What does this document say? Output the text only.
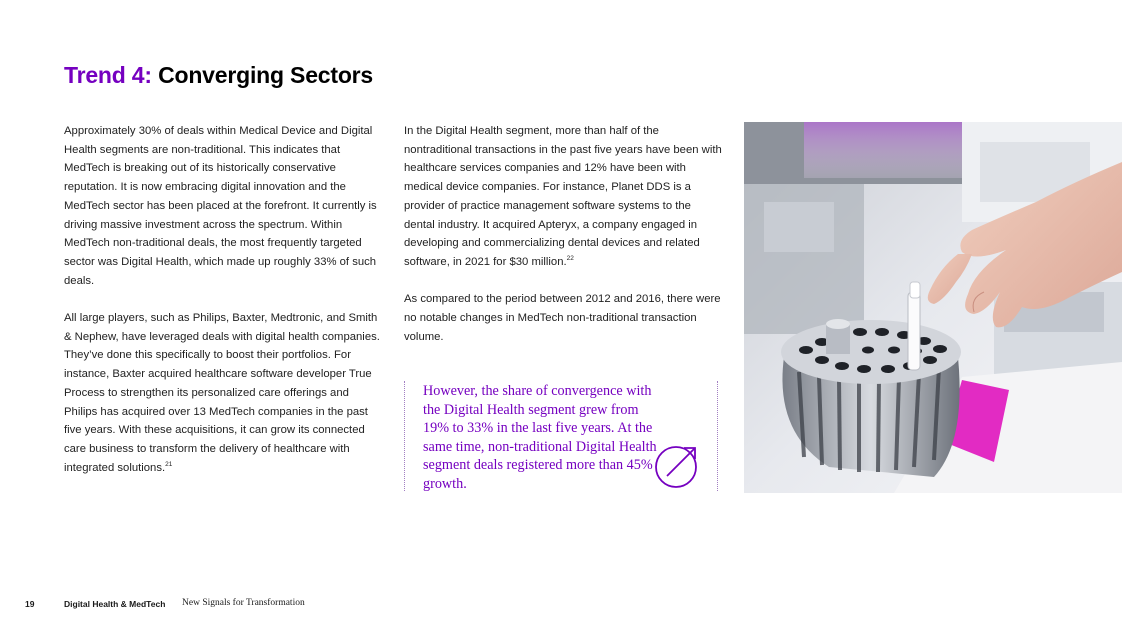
Trend 4: Converging Sectors

Approximately 30% of deals within Medical Device and Digital Health segments are non-traditional. This indicates that MedTech is breaking out of its historically conservative reputation. It is now embracing digital innovation and the MedTech sector has been placed at the forefront. It currently is driving massive investment across the spectrum. Within MedTech non-traditional deals, the most frequently targeted sector was Digital Health, which made up roughly 33% of such deals.

All large players, such as Philips, Baxter, Medtronic, and Smith & Nephew, have leveraged deals with digital health companies. They’ve done this specifically to boost their portfolios. For instance, Baxter acquired healthcare software developer True Process to strengthen its personalized care offerings and Philips has acquired over 13 MedTech companies in the past five years. With these acquisitions, it can grow its connected care business to transform the delivery of healthcare with integrated solutions.$^{21}$

In the Digital Health segment, more than half of the nontraditional transactions in the past five years have been with healthcare services companies and 12% have been with medical device companies. For instance, Planet DDS is a provider of practice management software systems to the dental industry. It acquired Apteryx, a company engaged in developing and commercializing dental devices and related software, in 2021 for $30 million.$^{22}$

As compared to the period between 2012 and 2016, there were no notable changes in MedTech non-traditional transaction volume.

However, the share of convergence with the Digital Health segment grew from 19% to 33% in the last five years. At the same time, non-traditional Digital Health segment deals registered more than 45% growth.
19	Digital Health & MedTech New Signals for Transformation
